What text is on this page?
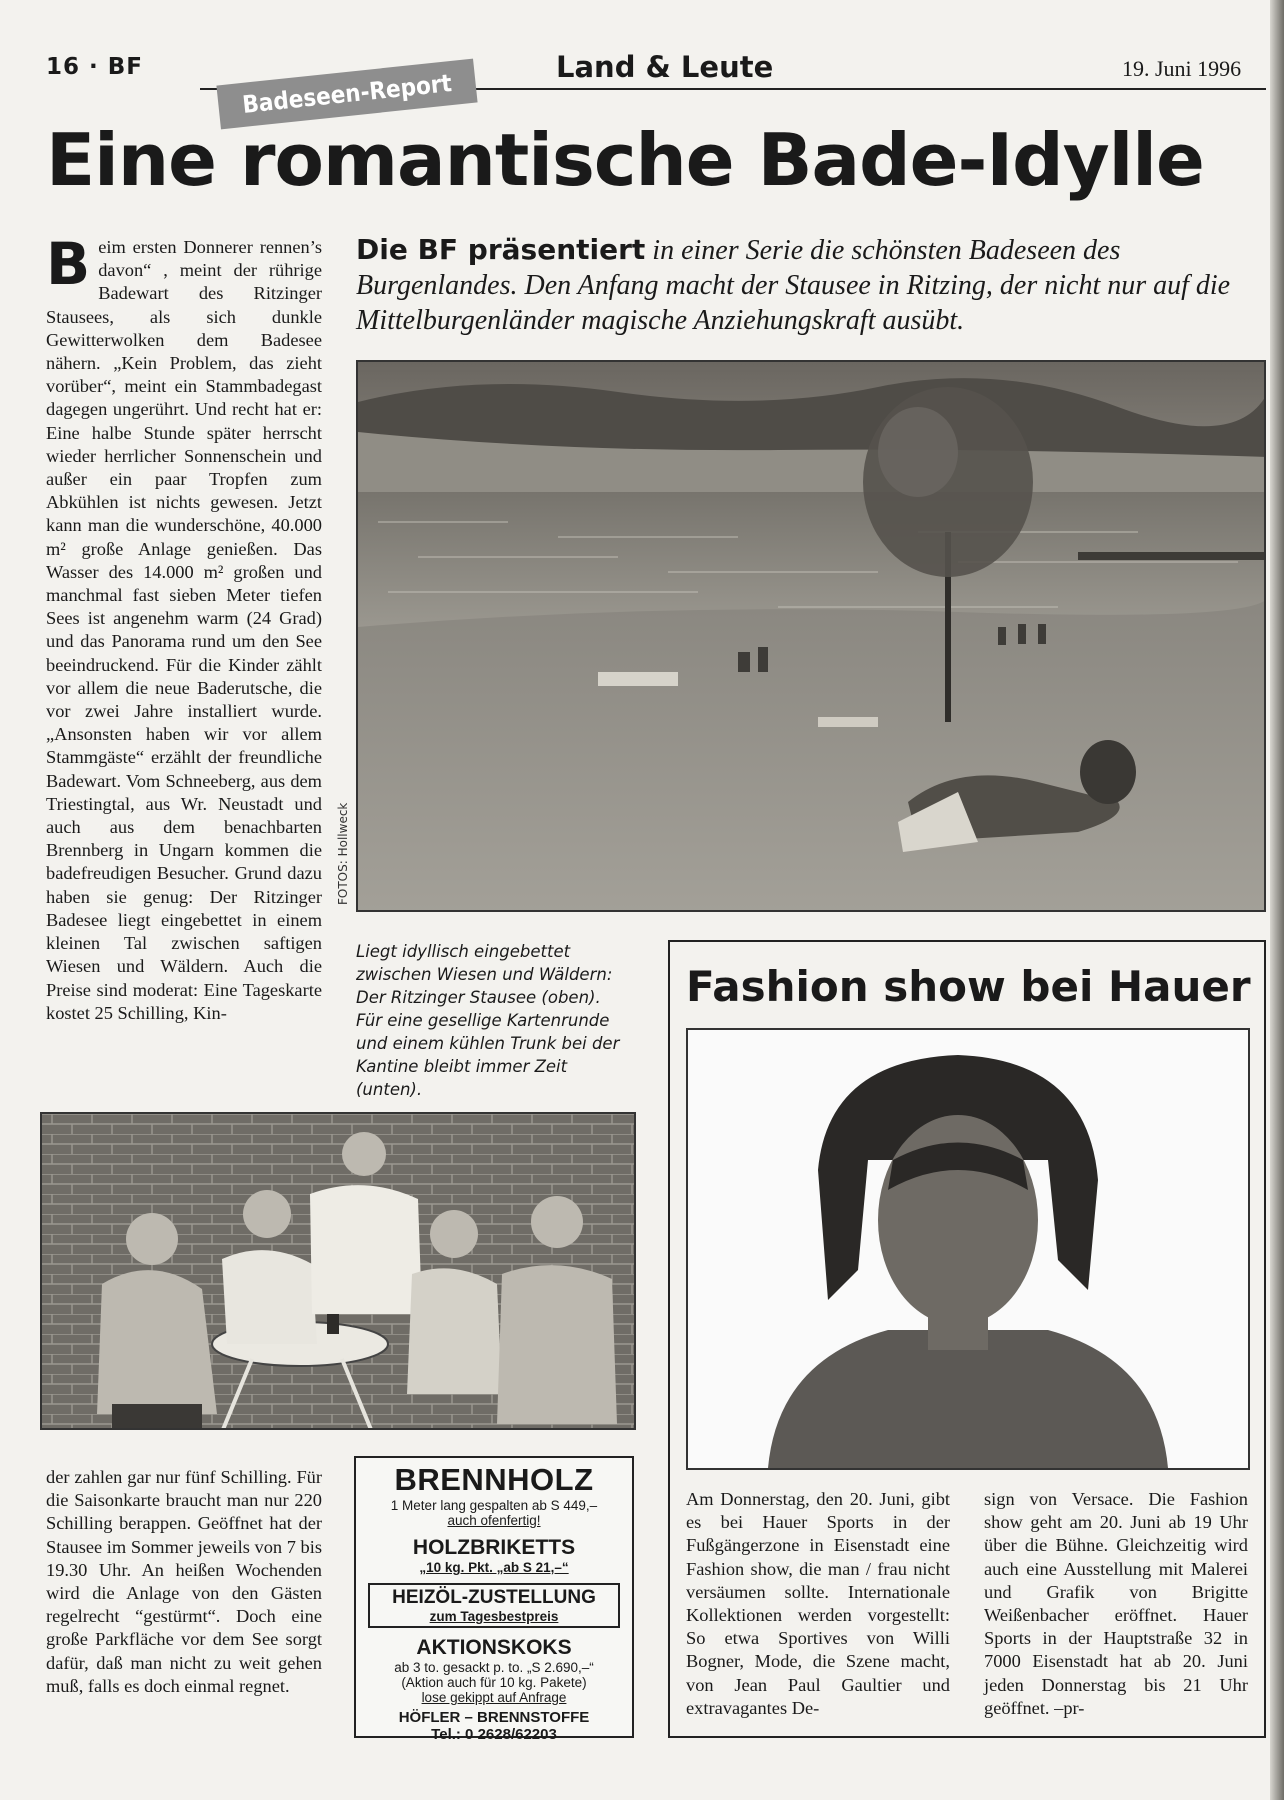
16 · BF	Land & Leute	19. Juni 1996
Badeseen-Report
Eine romantische Bade-Idylle
B eim ersten Donnerer rennen’s davon“ , meint der rührige Badewart des Ritzinger Stausees, als sich dunkle Gewitterwolken dem Badesee nähern. „Kein Problem, das zieht vorüber“, meint ein Stammbadegast dagegen ungerührt. Und recht hat er: Eine halbe Stunde später herrscht wieder herrlicher Sonnenschein und außer ein paar Tropfen zum Abkühlen ist nichts gewesen. Jetzt kann man die wunderschöne, 40.000 m² große Anlage genießen. Das Wasser des 14.000 m² großen und manchmal fast sieben Meter tiefen Sees ist angenehm warm (24 Grad) und das Panorama rund um den See beeindruckend. Für die Kinder zählt vor allem die neue Baderutsche, die vor zwei Jahre installiert wurde. „Ansonsten haben wir vor allem Stammgäste“ erzählt der freundliche Badewart. Vom Schneeberg, aus dem Triestingtal, aus Wr. Neustadt und auch aus dem benachbarten Brennberg in Ungarn kommen die badefreudigen Besucher. Grund dazu haben sie genug: Der Ritzinger Badesee liegt eingebettet in einem kleinen Tal zwischen saftigen Wiesen und Wäldern. Auch die Preise sind moderat: Eine Tageskarte kostet 25 Schilling, Kin-
Die BF präsentiert in einer Serie die schönsten Badeseen des Burgenlandes. Den Anfang macht der Stausee in Ritzing, der nicht nur auf die Mittelburgenländer magische Anziehungskraft ausübt.
FOTOS: Hollweck
Liegt idyllisch eingebettet zwischen Wiesen und Wäldern: Der Ritzinger Stausee (oben). Für eine gesellige Kartenrunde und einem kühlen Trunk bei der Kantine bleibt immer Zeit (unten).
der zahlen gar nur fünf Schilling. Für die Saisonkarte braucht man nur 220 Schilling berappen. Geöffnet hat der Stausee im Sommer jeweils von 7 bis 19.30 Uhr. An heißen Wochenden wird die Anlage von den Gästen regelrecht “gestürmt“. Doch eine große Parkfläche vor dem See sorgt dafür, daß man nicht zu weit gehen muß, falls es doch einmal regnet.
BRENNHOLZ
1 Meter lang gespalten ab S 449,–
auch ofenfertig!
HOLZBRIKETTS
„10 kg. Pkt. „ab S 21,–“
HEIZÖL-ZUSTELLUNG
zum Tagesbestpreis
AKTIONSKOKS
ab 3 to. gesackt p. to. „S 2.690,–“
(Aktion auch für 10 kg. Pakete)
lose gekippt auf Anfrage
HÖFLER – BRENNSTOFFE
Tel.: 0 2628/62203
Fashion show bei Hauer
Am Donnerstag, den 20. Juni, gibt es bei Hauer Sports in der Fußgängerzone in Eisenstadt eine Fashion show, die man / frau nicht versäumen sollte. Internationale Kollektionen werden vorgestellt: So etwa Sportives von Willi Bogner, Mode, die Szene macht, von Jean Paul Gaultier und extravagantes De-
sign von Versace. Die Fashion show geht am 20. Juni ab 19 Uhr über die Bühne. Gleichzeitig wird auch eine Ausstellung mit Malerei und Grafik von Brigitte Weißenbacher eröffnet. Hauer Sports in der Hauptstraße 32 in 7000 Eisenstadt hat ab 20. Juni jeden Donnerstag bis 21 Uhr geöffnet. –pr-
